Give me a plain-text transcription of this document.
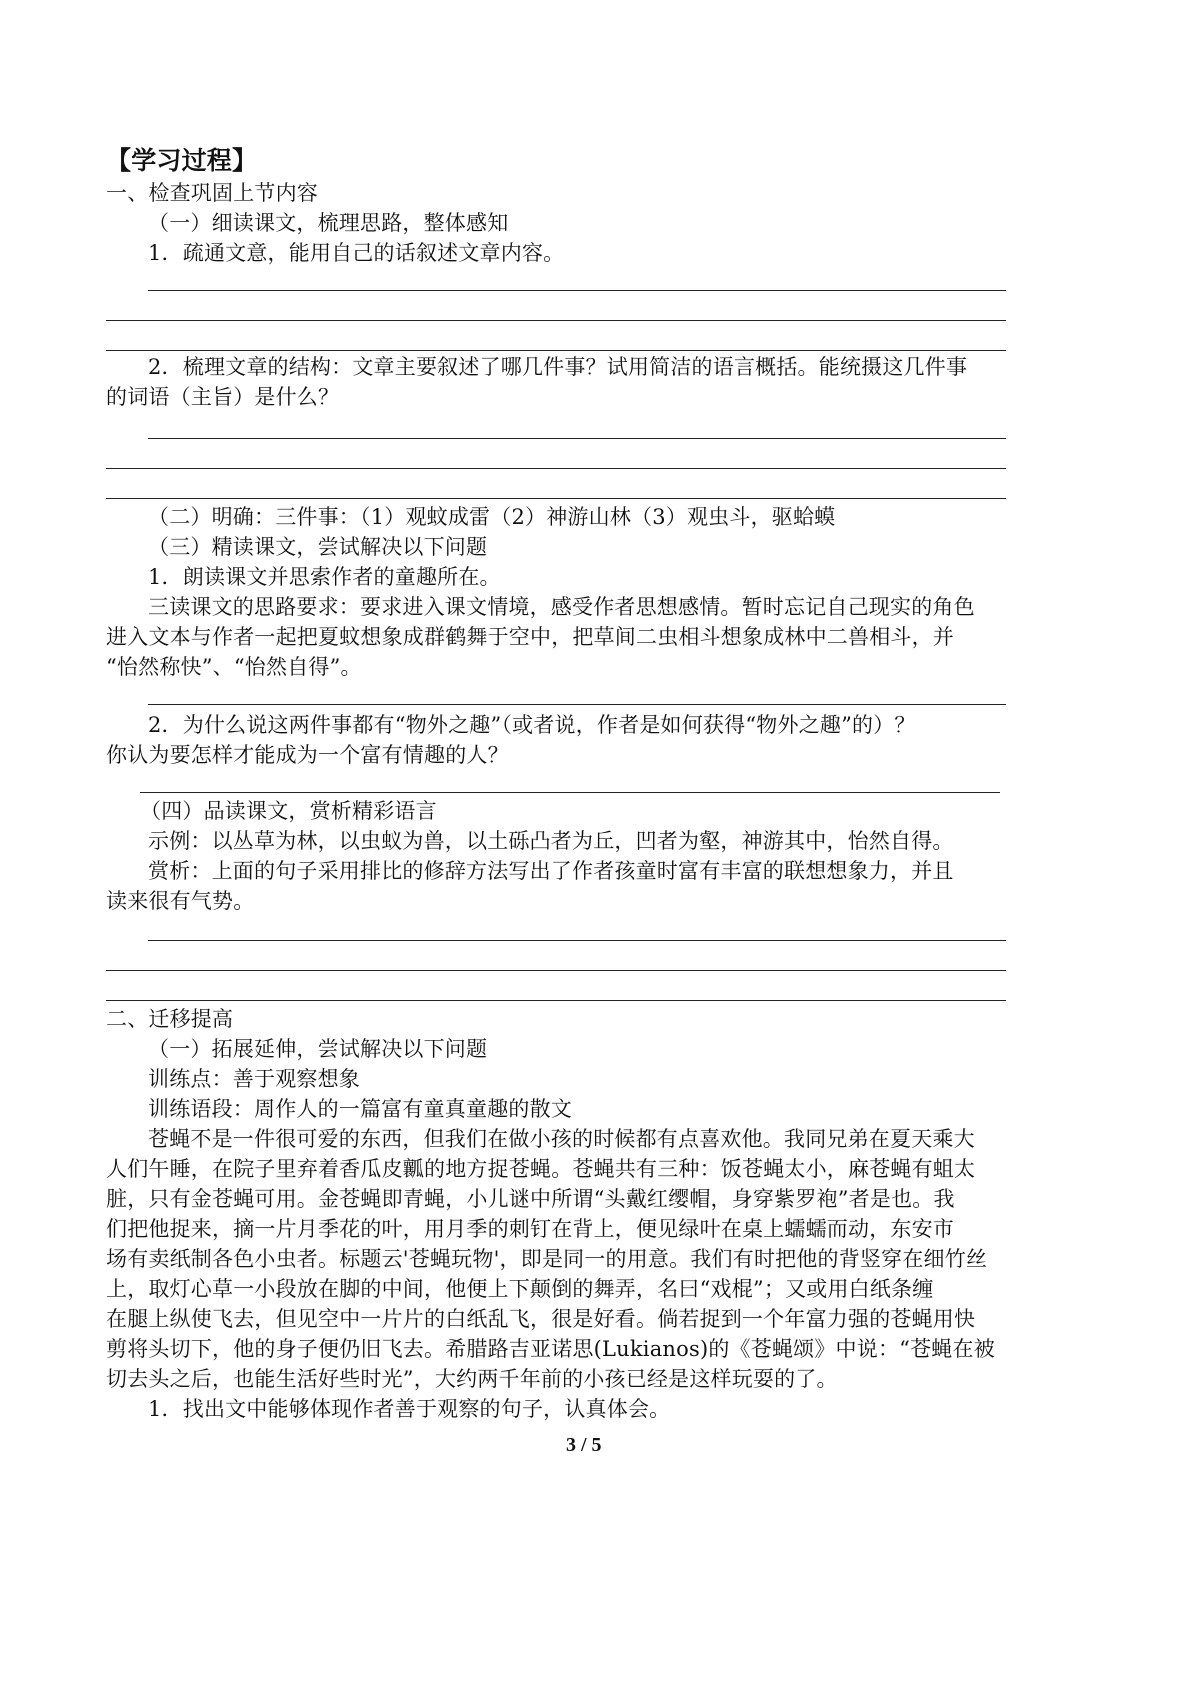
【学习过程】
一、检查巩固上节内容
（一）细读课文，梳理思路，整体感知
1．疏通文意，能用自己的话叙述文章内容。
2．梳理文章的结构：文章主要叙述了哪几件事？试用简洁的语言概括。能统摄这几件事
的词语（主旨）是什么？
（二）明确：三件事：（1）观蚊成雷（2）神游山林（3）观虫斗，驱蛤蟆
（三）精读课文，尝试解决以下问题
1．朗读课文并思索作者的童趣所在。
三读课文的思路要求：要求进入课文情境，感受作者思想感情。暂时忘记自己现实的角色
进入文本与作者一起把夏蚊想象成群鹤舞于空中，把草间二虫相斗想象成林中二兽相斗，并
“怡然称快”、“怡然自得”。
2．为什么说这两件事都有“物外之趣”（或者说，作者是如何获得“物外之趣”的）？
你认为要怎样才能成为一个富有情趣的人？
（四）品读课文，赏析精彩语言
示例：以丛草为林，以虫蚁为兽，以土砾凸者为丘，凹者为壑，神游其中，怡然自得。
赏析：上面的句子采用排比的修辞方法写出了作者孩童时富有丰富的联想想象力，并且
读来很有气势。
二、迁移提高
（一）拓展延伸，尝试解决以下问题
训练点：善于观察想象
训练语段：周作人的一篇富有童真童趣的散文
苍蝇不是一件很可爱的东西，但我们在做小孩的时候都有点喜欢他。我同兄弟在夏天乘大
人们午睡，在院子里弃着香瓜皮瓤的地方捉苍蝇。苍蝇共有三种：饭苍蝇太小，麻苍蝇有蛆太
脏，只有金苍蝇可用。金苍蝇即青蝇，小儿谜中所谓“头戴红缨帽，身穿紫罗袍”者是也。我
们把他捉来，摘一片月季花的叶，用月季的刺钉在背上，便见绿叶在桌上蠕蠕而动，东安市
场有卖纸制各色小虫者。标题云'苍蝇玩物'，即是同一的用意。我们有时把他的背竖穿在细竹丝
上，取灯心草一小段放在脚的中间，他便上下颠倒的舞弄，名曰“戏棍”；又或用白纸条缠
在腿上纵使飞去，但见空中一片片的白纸乱飞，很是好看。倘若捉到一个年富力强的苍蝇用快
剪将头切下，他的身子便仍旧飞去。希腊路吉亚诺思(Lukianos)的《苍蝇颂》中说：“苍蝇在被
切去头之后，也能生活好些时光”，大约两千年前的小孩已经是这样玩耍的了。
1．找出文中能够体现作者善于观察的句子，认真体会。
3 / 5
